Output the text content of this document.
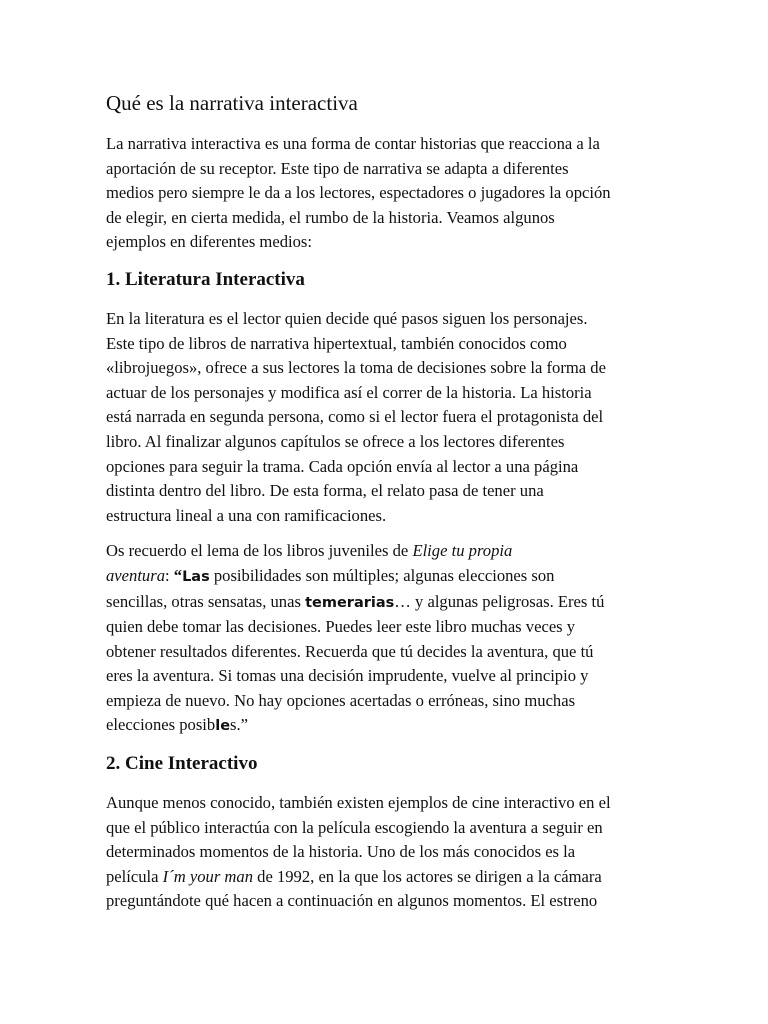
Qué es la narrativa interactiva

La narrativa interactiva es una forma de contar historias que reacciona a la
aportación de su receptor. Este tipo de narrativa se adapta a diferentes
medios pero siempre le da a los lectores, espectadores o jugadores la opción
de elegir, en cierta medida, el rumbo de la historia. Veamos algunos
ejemplos en diferentes medios:

1. Literatura Interactiva

En la literatura es el lector quien decide qué pasos siguen los personajes.
Este tipo de libros de narrativa hipertextual, también conocidos como
«librojuegos», ofrece a sus lectores la toma de decisiones sobre la forma de
actuar de los personajes y modifica así el correr de la historia. La historia
está narrada en segunda persona, como si el lector fuera el protagonista del
libro. Al finalizar algunos capítulos se ofrece a los lectores diferentes
opciones para seguir la trama. Cada opción envía al lector a una página
distinta dentro del libro. De esta forma, el relato pasa de tener una
estructura lineal a una con ramificaciones.

Os recuerdo el lema de los libros juveniles de Elige tu propia
aventura: “Las posibilidades son múltiples; algunas elecciones son
sencillas, otras sensatas, unas temerarias… y algunas peligrosas. Eres tú
quien debe tomar las decisiones. Puedes leer este libro muchas veces y
obtener resultados diferentes. Recuerda que tú decides la aventura, que tú
eres la aventura. Si tomas una decisión imprudente, vuelve al principio y
empieza de nuevo. No hay opciones acertadas o erróneas, sino muchas
elecciones posibles.”

2. Cine Interactivo

Aunque menos conocido, también existen ejemplos de cine interactivo en el
que el público interactúa con la película escogiendo la aventura a seguir en
determinados momentos de la historia. Uno de los más conocidos es la
película I´m your man de 1992, en la que los actores se dirigen a la cámara
preguntándote qué hacen a continuación en algunos momentos. El estreno
